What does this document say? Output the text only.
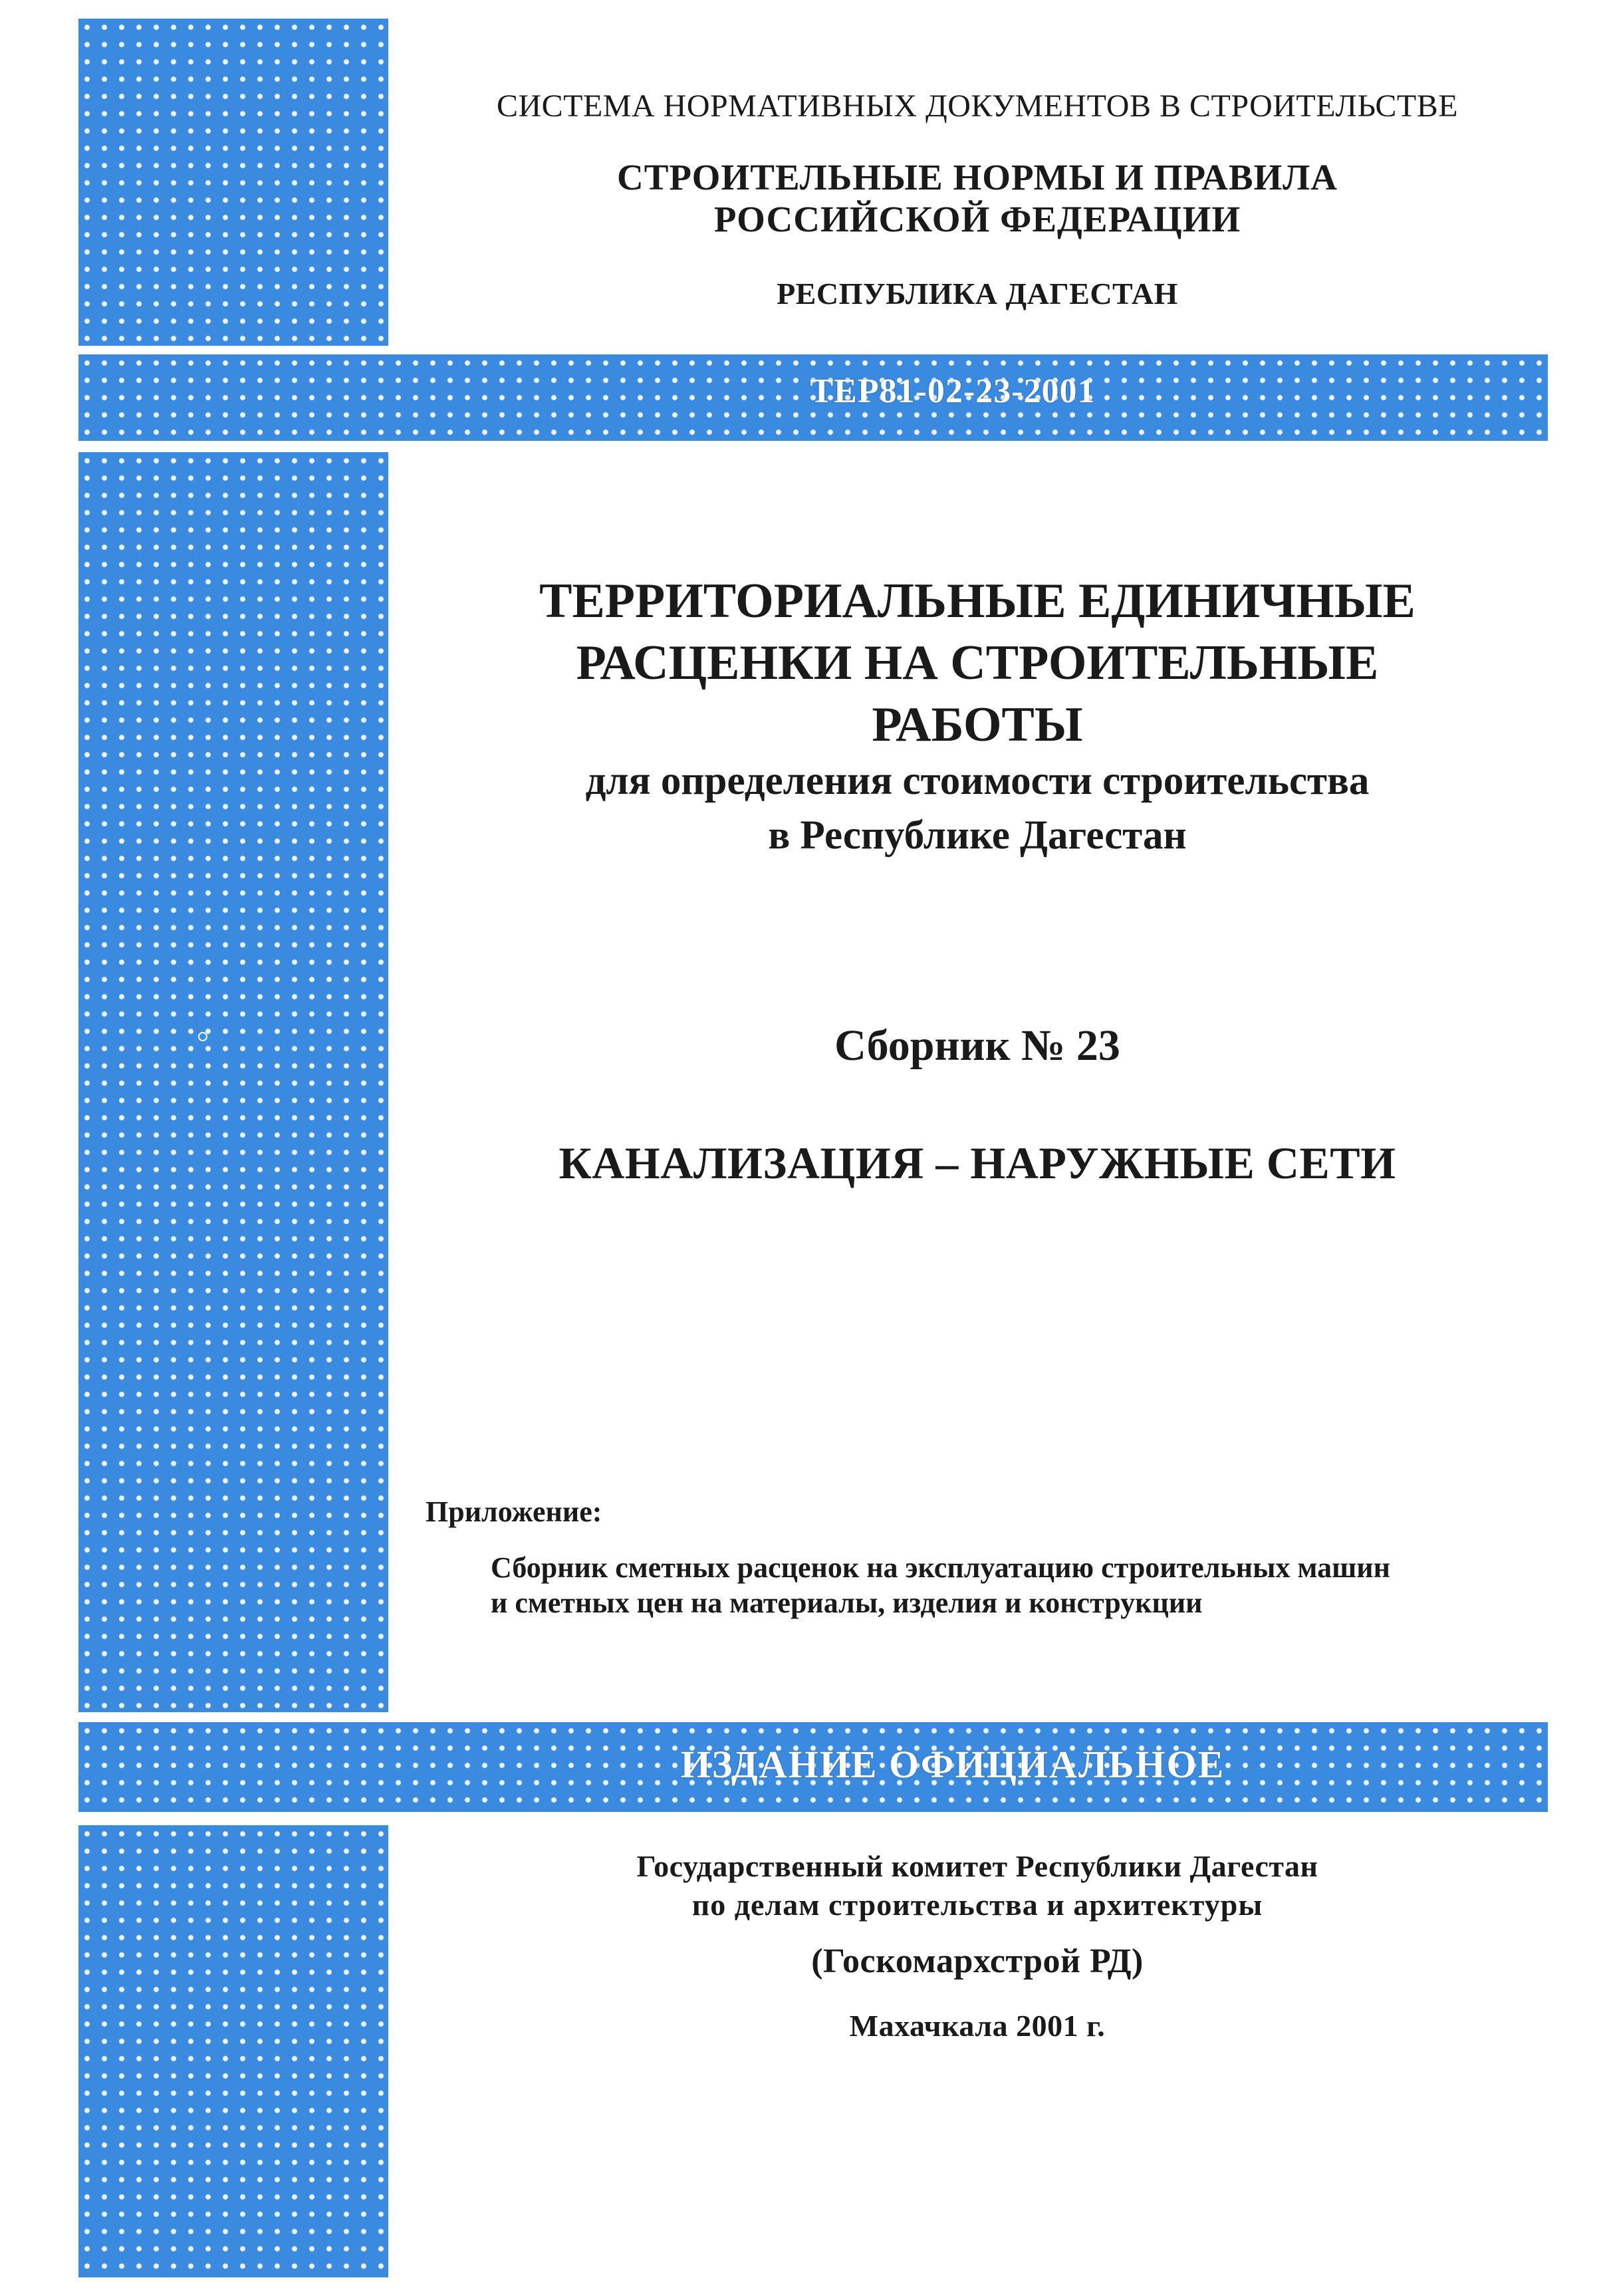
ТЕР81-02-23-2001
ИЗДАНИЕ ОФИЦИАЛЬНОЕ
СИСТЕМА НОРМАТИВНЫХ ДОКУМЕНТОВ В СТРОИТЕЛЬСТВЕ
СТРОИТЕЛЬНЫЕ НОРМЫ И ПРАВИЛА
РОССИЙСКОЙ ФЕДЕРАЦИИ
РЕСПУБЛИКА ДАГЕСТАН
ТЕРРИТОРИАЛЬНЫЕ ЕДИНИЧНЫЕ
РАСЦЕНКИ НА СТРОИТЕЛЬНЫЕ
РАБОТЫ
для определения стоимости строительства
в Республике Дагестан
Сборник № 23
КАНАЛИЗАЦИЯ – НАРУЖНЫЕ СЕТИ
Приложение:
Сборник сметных расценок на эксплуатацию строительных машин
и сметных цен на материалы, изделия и конструкции
Государственный комитет Республики Дагестан
по делам строительства и архитектуры
(Госкомархстрой РД)
Махачкала 2001 г.
